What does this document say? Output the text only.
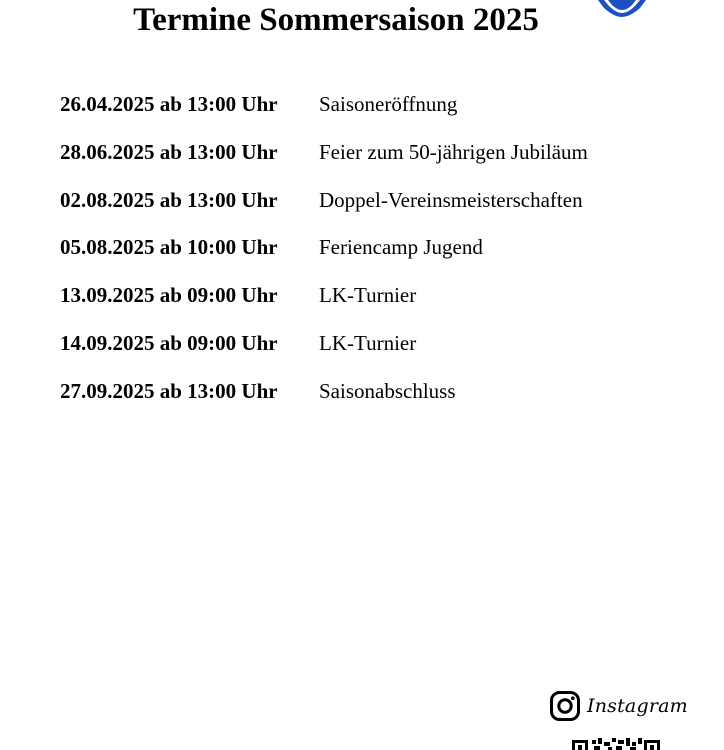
Termine Sommersaison 2025
26.04.2025 ab 13:00 Uhr	Saisoneröffnung
28.06.2025 ab 13:00 Uhr	Feier zum 50-jährigen Jubiläum
02.08.2025 ab 13:00 Uhr	Doppel-Vereinsmeisterschaften
05.08.2025 ab 10:00 Uhr	Feriencamp Jugend
13.09.2025 ab 09:00 Uhr	LK-Turnier
14.09.2025 ab 09:00 Uhr	LK-Turnier
27.09.2025 ab 13:00 Uhr	Saisonabschluss
Instagram
